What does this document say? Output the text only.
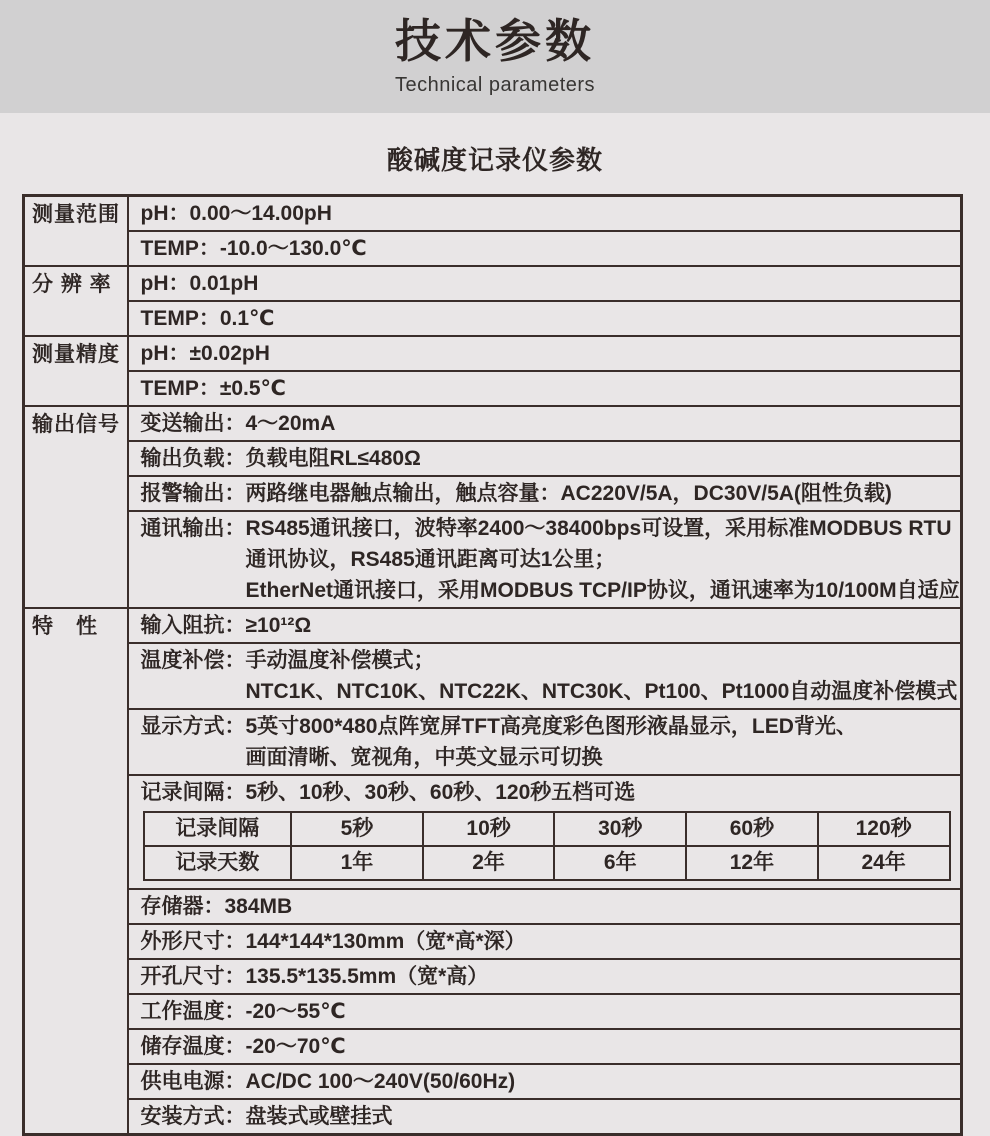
技术参数
Technical parameters
酸碱度记录仪参数
测量范围	pH：0.00～14.00pH

TEMP：-10.0～130.0℃

分 辨 率	pH：0.01pH

TEMP：0.1℃

测量精度	pH：±0.02pH

TEMP：±0.5℃

输出信号	变送输出：4～20mA

输出负载：负载电阻RL≤480Ω

报警输出：两路继电器触点输出，触点容量：AC220V/5A，DC30V/5A(阻性负载)

通讯输出：RS485通讯接口，波特率2400～38400bps可设置，采用标准MODBUS RTU
通讯协议，RS485通讯距离可达1公里；
EtherNet通讯接口，采用MODBUS TCP/IP协议，通讯速率为10/100M自适应

特　性	输入阻抗：≥10¹²Ω

温度补偿：手动温度补偿模式；
NTC1K、NTC10K、NTC22K、NTC30K、Pt100、Pt1000自动温度补偿模式

显示方式：5英寸800*480点阵宽屏TFT高亮度彩色图形液晶显示，LED背光、
画面清晰、宽视角，中英文显示可切换

记录间隔：5秒、10秒、30秒、60秒、120秒五档可选
记录间隔	5秒	10秒	30秒	60秒	120秒
记录天数	1年	2年	6年	12年	24年

存储器：384MB

外形尺寸：144*144*130mm（宽*高*深）

开孔尺寸：135.5*135.5mm（宽*高）

工作温度：-20～55℃

储存温度：-20～70℃

供电电源：AC/DC 100～240V(50/60Hz)

安装方式：盘装式或壁挂式
